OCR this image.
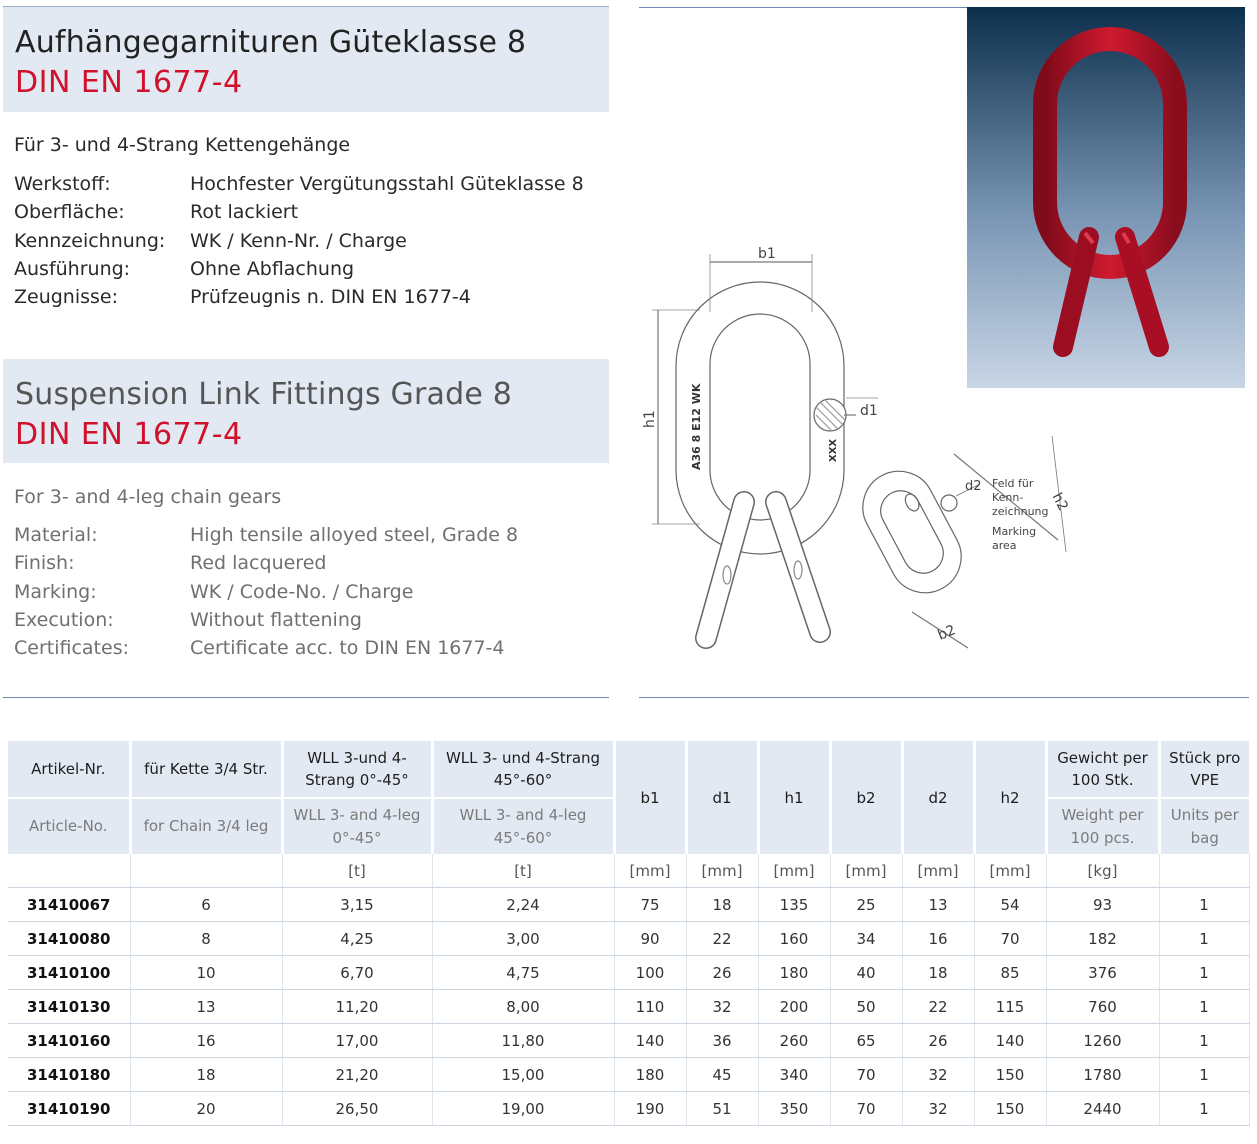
Aufhängegarnituren Güteklasse 8
DIN EN 1677-4
Für 3- und 4-Strang Kettengehänge
Werkstoff:	Hochfester Vergütungsstahl Güteklasse 8
Oberfläche:	Rot lackiert
Kennzeichnung: WK / Kenn-Nr. / Charge
Ausführung:	Ohne Abflachung
Zeugnisse:	Prüfzeugnis n. DIN EN 1677-4
Suspension Link Fittings Grade 8
DIN EN 1677-4
For 3- and 4-leg chain gears
Material:	High tensile alloyed steel, Grade 8
Finish:	Red lacquered
Marking:	WK / Code-No. / Charge
Execution:	Without flattening
Certificates:	Certificate acc. to DIN EN 1677-4
b1
h1	d1
A36 8 E12 WK	XXX
h2
b2
d2 Feld für
Kenn-
zeichnung
Marking
area
Artikel-Nr.	für Kette 3/4 Str.	WLL 3-und 4-Strang 0°-45°	WLL 3- und 4-Strang 45°-60°	b1	d1	h1	b2	d2	h2	Gewicht per 100 Stk.	Stück pro VPE
Article-No.	for Chain 3/4 leg	WLL 3- and 4-leg 0°-45°	WLL 3- and 4-leg 45°-60°							Weight per 100 pcs.	Units per bag
		[t]	[t]	[mm]	[mm]	[mm]	[mm]	[mm]	[mm]	[kg]	
31410067	6	3,15	2,24	75	18	135	25	13	54	93	1
31410080	8	4,25	3,00	90	22	160	34	16	70	182	1
31410100	10	6,70	4,75	100	26	180	40	18	85	376	1
31410130	13	11,20	8,00	110	32	200	50	22	115	760	1
31410160	16	17,00	11,80	140	36	260	65	26	140	1260	1
31410180	18	21,20	15,00	180	45	340	70	32	150	1780	1
31410190	20	26,50	19,00	190	51	350	70	32	150	2440	1
